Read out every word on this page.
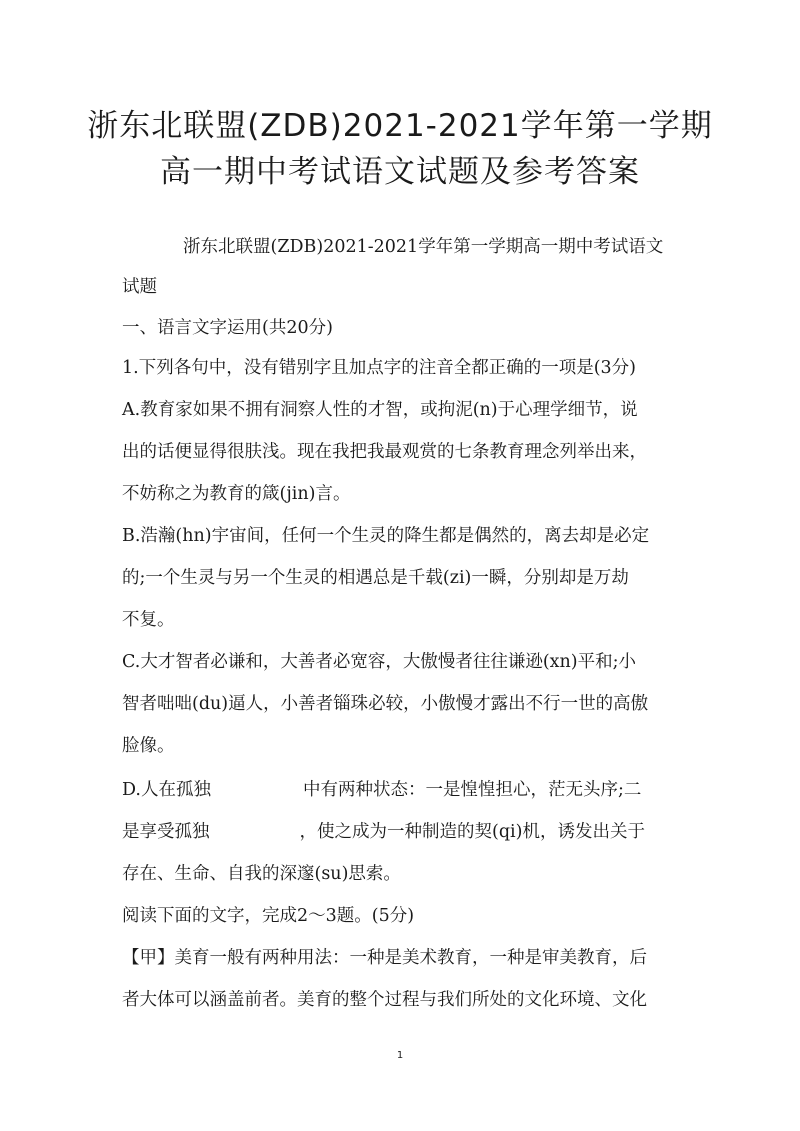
浙东北联盟(ZDB)2021-2021学年第一学期
高一期中考试语文试题及参考答案
浙东北联盟(ZDB)2021-2021学年第一学期高一期中考试语文
试题
一、语言文字运用(共20分)
1.下列各句中，没有错别字且加点字的注音全都正确的一项是(3分)
A.教育家如果不拥有洞察人性的才智，或拘泥(n)于心理学细节，说
出的话便显得很肤浅。现在我把我最观赏的七条教育理念列举出来，
不妨称之为教育的箴(jin)言。
B.浩瀚(hn)宇宙间，任何一个生灵的降生都是偶然的，离去却是必定
的;一个生灵与另一个生灵的相遇总是千载(zi)一瞬，分别却是万劫
不复。
C.大才智者必谦和，大善者必宽容，大傲慢者往往谦逊(xn)平和;小
智者咄咄(du)逼人，小善者锱珠必较，小傲慢才露出不行一世的高傲
脸像。
D.人在孤独	中有两种状态：一是惶惶担心，茫无头序;二
是享受孤独	，使之成为一种制造的契(qi)机，诱发出关于
存在、生命、自我的深邃(su)思索。
阅读下面的文字，完成2～3题。(5分)
【甲】美育一般有两种用法：一种是美术教育，一种是审美教育，后
者大体可以涵盖前者。美育的整个过程与我们所处的文化环境、文化
1
